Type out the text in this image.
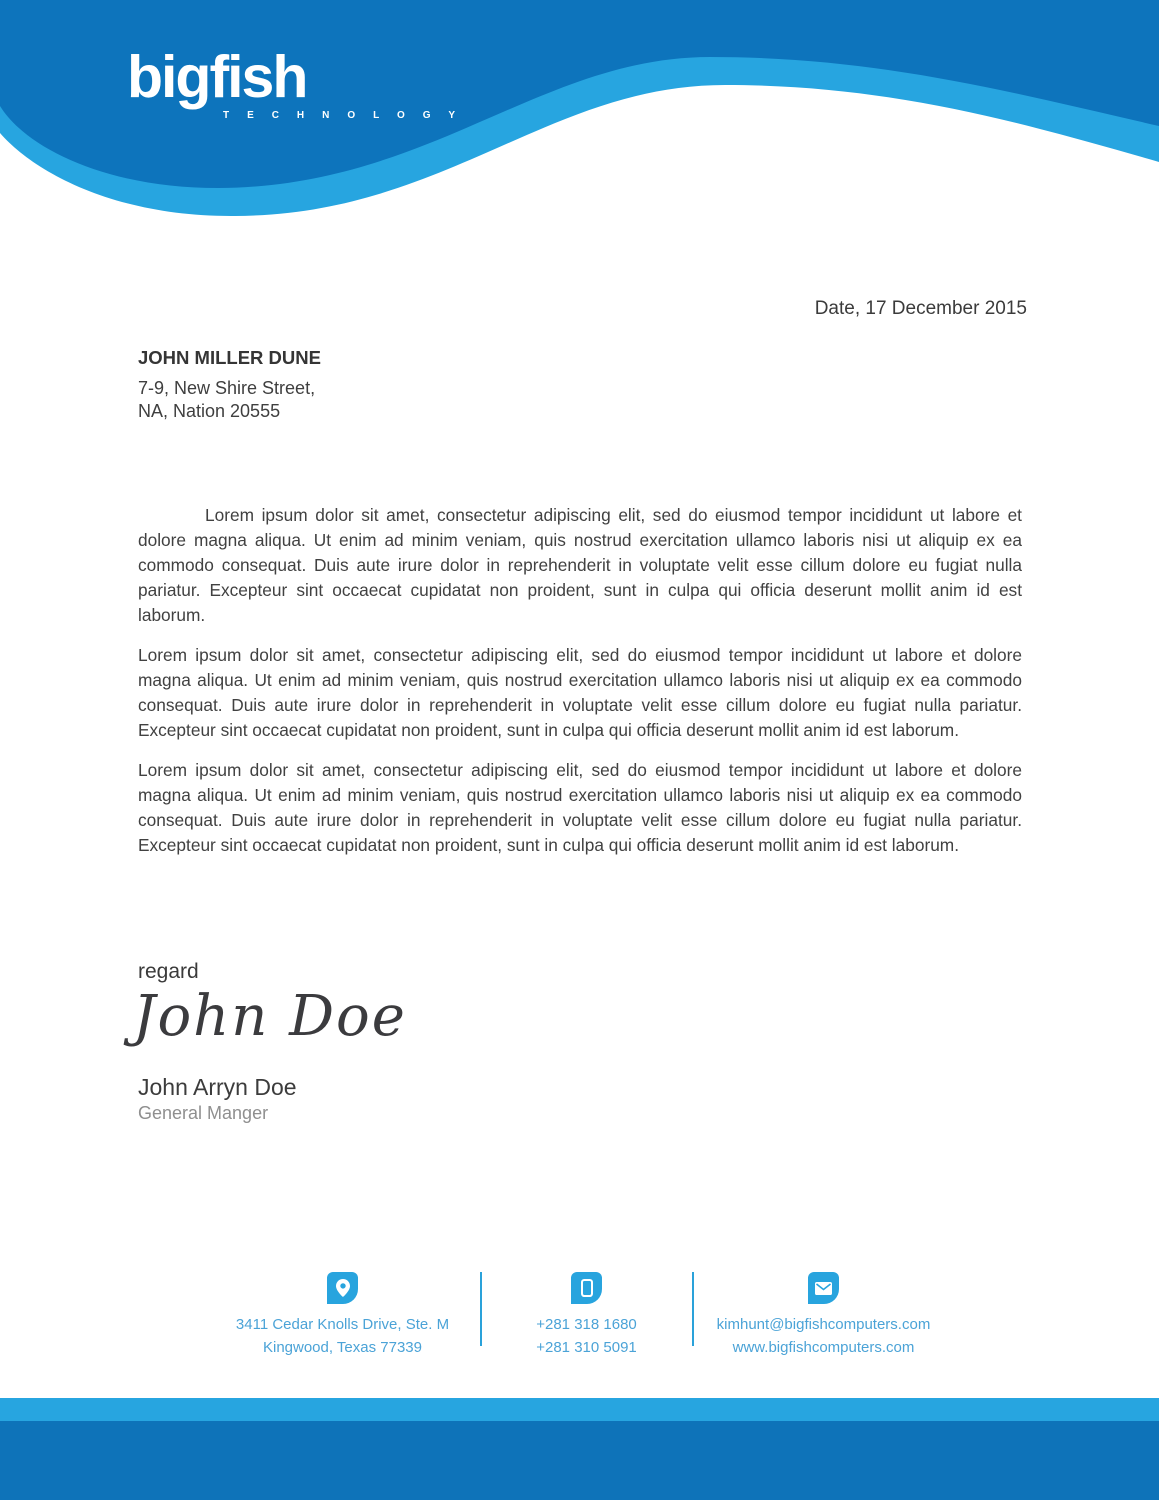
bigfish
T E C H N O L O G Y
Date, 17 December 2015
JOHN MILLER DUNE
7-9, New Shire Street,
NA, Nation 20555

Lorem ipsum dolor sit amet, consectetur adipiscing elit, sed do eiusmod tempor incididunt ut labore et dolore magna aliqua. Ut enim ad minim veniam, quis nostrud exercitation ullamco laboris nisi ut aliquip ex ea commodo consequat. Duis aute irure dolor in reprehenderit in voluptate velit esse cillum dolore eu fugiat nulla pariatur. Excepteur sint occaecat cupidatat non proident, sunt in culpa qui officia deserunt mollit anim id est laborum.

Lorem ipsum dolor sit amet, consectetur adipiscing elit, sed do eiusmod tempor incididunt ut labore et dolore magna aliqua. Ut enim ad minim veniam, quis nostrud exercitation ullamco laboris nisi ut aliquip ex ea commodo consequat. Duis aute irure dolor in reprehenderit in voluptate velit esse cillum dolore eu fugiat nulla pariatur. Excepteur sint occaecat cupidatat non proident, sunt in culpa qui officia deserunt mollit anim id est laborum.

Lorem ipsum dolor sit amet, consectetur adipiscing elit, sed do eiusmod tempor incididunt ut labore et dolore magna aliqua. Ut enim ad minim veniam, quis nostrud exercitation ullamco laboris nisi ut aliquip ex ea commodo consequat. Duis aute irure dolor in reprehenderit in voluptate velit esse cillum dolore eu fugiat nulla pariatur. Excepteur sint occaecat cupidatat non proident, sunt in culpa qui officia deserunt mollit anim id est laborum.

regard
John Doe
John Arryn Doe
General Manger
3411 Cedar Knolls Drive, Ste. M
Kingwood, Texas 77339
+281 318 1680
+281 310 5091
kimhunt@bigfishcomputers.com
www.bigfishcomputers.com
